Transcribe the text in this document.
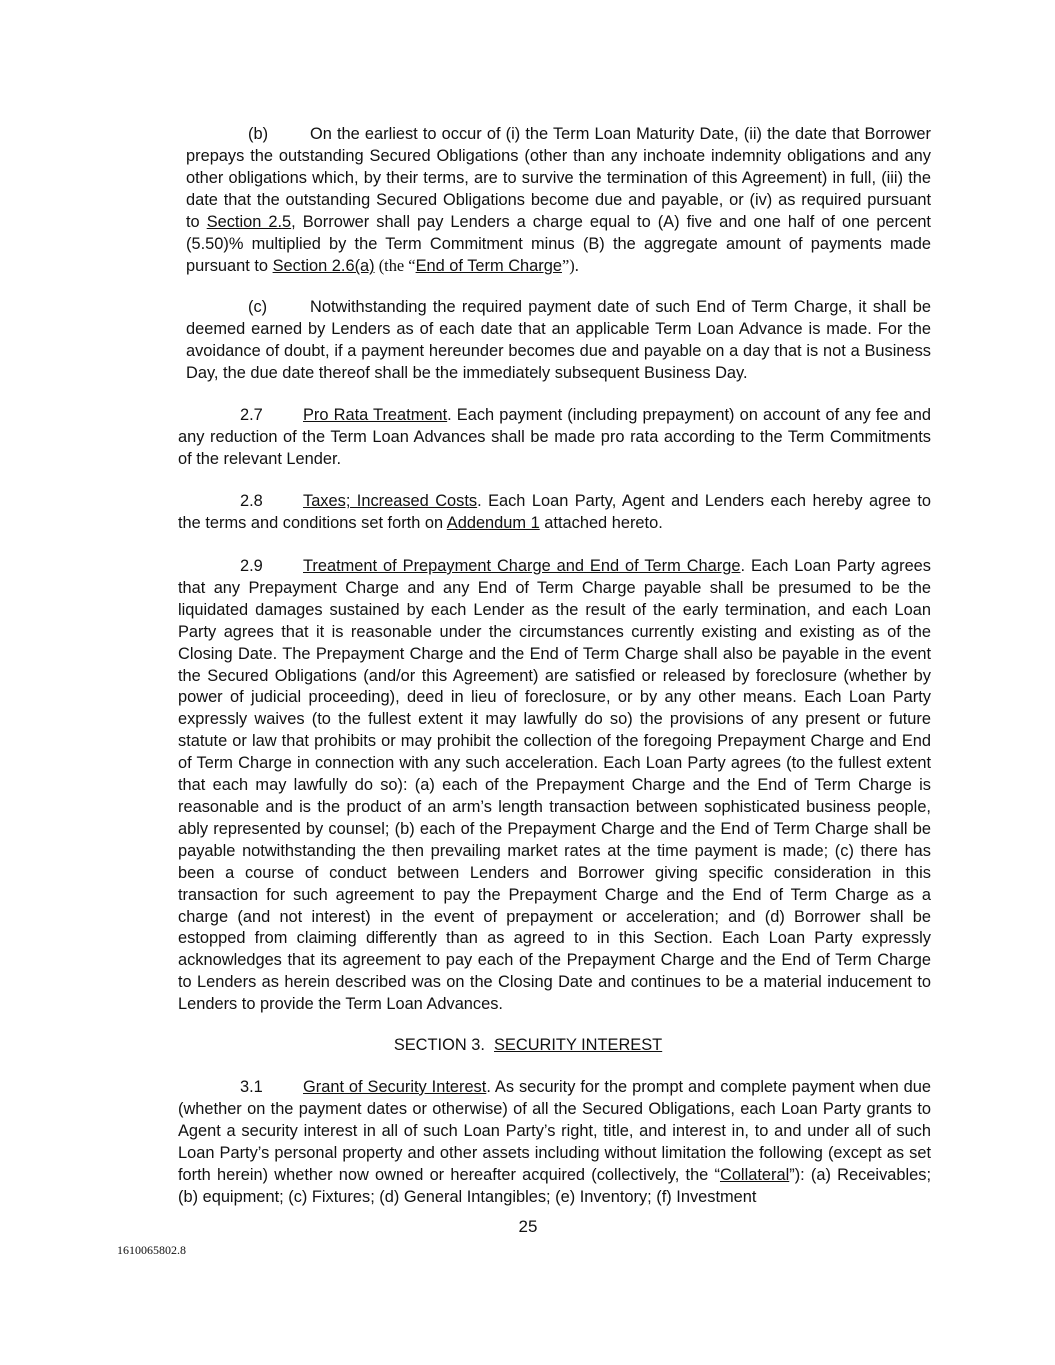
(b)	On the earliest to occur of (i) the Term Loan Maturity Date, (ii) the date that Borrower prepays the outstanding Secured Obligations (other than any inchoate indemnity obligations and any other obligations which, by their terms, are to survive the termination of this Agreement) in full, (iii) the date that the outstanding Secured Obligations become due and payable, or (iv) as required pursuant to Section 2.5, Borrower shall pay Lenders a charge equal to (A) five and one half of one percent (5.50)% multiplied by the Term Commitment minus (B) the aggregate amount of payments made pursuant to Section 2.6(a) (the “End of Term Charge”).

(c)	Notwithstanding the required payment date of such End of Term Charge, it shall be deemed earned by Lenders as of each date that an applicable Term Loan Advance is made. For the avoidance of doubt, if a payment hereunder becomes due and payable on a day that is not a Business Day, the due date thereof shall be the immediately subsequent Business Day.

2.7 Pro Rata Treatment. Each payment (including prepayment) on account of any fee and any reduction of the Term Loan Advances shall be made pro rata according to the Term Commitments of the relevant Lender.

2.8 Taxes; Increased Costs. Each Loan Party, Agent and Lenders each hereby agree to the terms and conditions set forth on Addendum 1 attached hereto.

2.9 Treatment of Prepayment Charge and End of Term Charge. Each Loan Party agrees that any Prepayment Charge and any End of Term Charge payable shall be presumed to be the liquidated damages sustained by each Lender as the result of the early termination, and each Loan Party agrees that it is reasonable under the circumstances currently existing and existing as of the Closing Date. The Prepayment Charge and the End of Term Charge shall also be payable in the event the Secured Obligations (and/or this Agreement) are satisfied or released by foreclosure (whether by power of judicial proceeding), deed in lieu of foreclosure, or by any other means. Each Loan Party expressly waives (to the fullest extent it may lawfully do so) the provisions of any present or future statute or law that prohibits or may prohibit the collection of the foregoing Prepayment Charge and End of Term Charge in connection with any such acceleration. Each Loan Party agrees (to the fullest extent that each may lawfully do so): (a) each of the Prepayment Charge and the End of Term Charge is reasonable and is the product of an arm’s length transaction between sophisticated business people, ably represented by counsel; (b) each of the Prepayment Charge and the End of Term Charge shall be payable notwithstanding the then prevailing market rates at the time payment is made; (c) there has been a course of conduct between Lenders and Borrower giving specific consideration in this transaction for such agreement to pay the Prepayment Charge and the End of Term Charge as a charge (and not interest) in the event of prepayment or acceleration; and (d) Borrower shall be estopped from claiming differently than as agreed to in this Section. Each Loan Party expressly acknowledges that its agreement to pay each of the Prepayment Charge and the End of Term Charge to Lenders as herein described was on the Closing Date and continues to be a material inducement to Lenders to provide the Term Loan Advances.

SECTION 3.  SECURITY INTEREST

3.1 Grant of Security Interest. As security for the prompt and complete payment when due (whether on the payment dates or otherwise) of all the Secured Obligations, each Loan Party grants to Agent a security interest in all of such Loan Party’s right, title, and interest in, to and under all of such Loan Party’s personal property and other assets including without limitation the following (except as set forth herein) whether now owned or hereafter acquired (collectively, the “Collateral”): (a) Receivables; (b) equipment; (c) Fixtures; (d) General Intangibles; (e) Inventory; (f) Investment

25
1610065802.8
